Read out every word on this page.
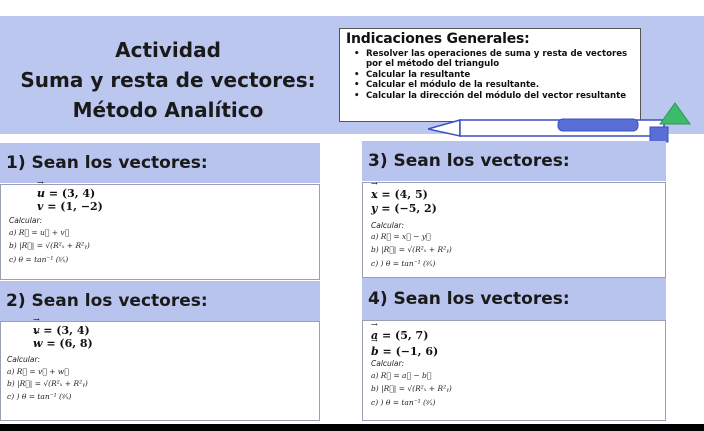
Actividad
Suma y resta de vectores:
Método Analítico
Indicaciones Generales:
• Resolver las operaciones de suma y resta de vectores
por el método del triangulo
• Calcular la resultante
• Calcular el módulo de la resultante.
• Calcular la dirección del módulo del vector resultante
1) Sean los vectores:
→ u = (3, 4)
→ v = (1, −2)
Calcular:
a) R⃗ = u⃗ + v⃗
b) |R⃗| = √(R²ₓ + R²ᵧ)
c) θ = tan⁻¹ (ʸ⁄ₓ)
2) Sean los vectores:
→ v = (3, 4)
→ w = (6, 8)
Calcular:
a) R⃗ = v⃗ + w⃗
b) |R⃗| = √(R²ₓ + R²ᵧ)
c) ) θ = tan⁻¹ (ʸ⁄ₓ)
3) Sean los vectores:
→ x = (4, 5)
→ y = (−5, 2)
Calcular:
a) R⃗ = x⃗ − y⃗
b) |R⃗| = √(R²ₓ + R²ᵧ)
c) ) θ = tan⁻¹ (ʸ⁄ₓ)
4) Sean los vectores:
→ a = (5, 7)
→ b = (−1, 6)
Calcular:
a) R⃗ = a⃗ − b⃗
b) |R⃗| = √(R²ₓ + R²ᵧ)
c) ) θ = tan⁻¹ (ʸ⁄ₓ)
